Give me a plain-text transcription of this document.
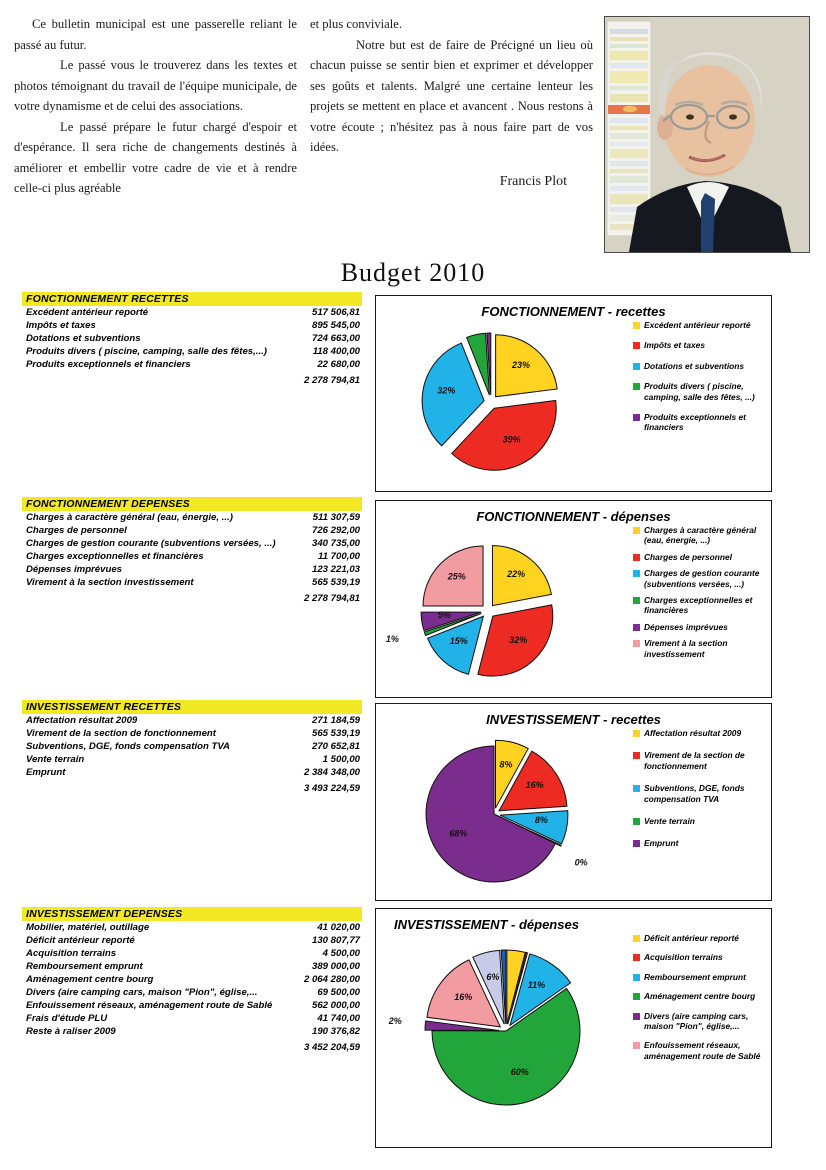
Ce bulletin municipal est une passerelle reliant le passé au futur.

Le passé vous le trouverez dans les textes et photos témoignant du travail de l'équipe municipale, de votre dynamisme et de celui des associations.

Le passé prépare le futur chargé d'espoir et d'espérance. Il sera riche de changements destinés à améliorer et embellir votre cadre de vie et à rendre celle-ci plus agréable

et plus conviviale.

Notre but est de faire de Précigné un lieu où chacun puisse se sentir bien et exprimer et développer ses goûts et talents. Malgré une certaine lenteur les projets se mettent en place et avancent . Nous restons à votre écoute ; n'hésitez pas à nous faire part de vos idées.

Francis Plot
Budget 2010
FONCTIONNEMENT RECETTES
Excédent antérieur reporté	517 506,81
Impôts et taxes	895 545,00
Dotations et subventions	724 663,00
Produits divers ( piscine, camping, salle des fêtes,...)	118 400,00
Produits exceptionnels et financiers	22 680,00
	2 278 794,81
FONCTIONNEMENT DEPENSES
Charges à caractère général (eau, énergie, ...)	511 307,59
Charges de personnel	726 292,00
Charges de gestion courante (subventions versées, ...)	340 735,00
Charges exceptionnelles et financières	11 700,00
Dépenses imprévues	123 221,03
Virement à la section investissement	565 539,19
	2 278 794,81
INVESTISSEMENT RECETTES
Affectation résultat 2009	271 184,59
Virement de la section de fonctionnement	565 539,19
Subventions, DGE, fonds compensation TVA	270 652,81
Vente terrain	1 500,00
Emprunt	2 384 348,00
	3 493 224,59
INVESTISSEMENT DEPENSES
Mobilier, matériel, outillage	41 020,00
Déficit antérieur reporté	130 807,77
Acquisition terrains	4 500,00
Remboursement emprunt	389 000,00
Aménagement centre bourg	2 064 280,00
Divers (aire camping cars, maison "Pion", église,...	69 500,00
Enfouissement réseaux, aménagement route de Sablé	562 000,00
Frais d'étude PLU	41 740,00
Reste à raliser 2009	190 376,82
	3 452 204,59
FONCTIONNEMENT - recettes
23%
39%
32%
Excédent antérieur reporté
Impôts et taxes
Dotations et subventions
Produits divers ( piscine, camping, salle des fêtes, ...)
Produits exceptionnels et financiers
FONCTIONNEMENT - dépenses
22%
32%
15%
1%
5%
25%
Charges à caractère général (eau, énergie, ...)
Charges de personnel
Charges de gestion courante (subventions versées, ...)
Charges exceptionnelles et financières
Dépenses imprévues
Virement à la section investissement
INVESTISSEMENT - recettes
8%
16%
8%
0%
68%
Affectation résultat 2009
Virement de la section de fonctionnement
Subventions, DGE, fonds compensation TVA
Vente terrain
Emprunt
INVESTISSEMENT - dépenses
11%
60%
2%
16%
6%
Déficit antérieur reporté
Acquisition terrains
Remboursement emprunt
Aménagement centre bourg
Divers (aire camping cars, maison "Pion", église,...
Enfouissement réseaux, aménagement route de Sablé
